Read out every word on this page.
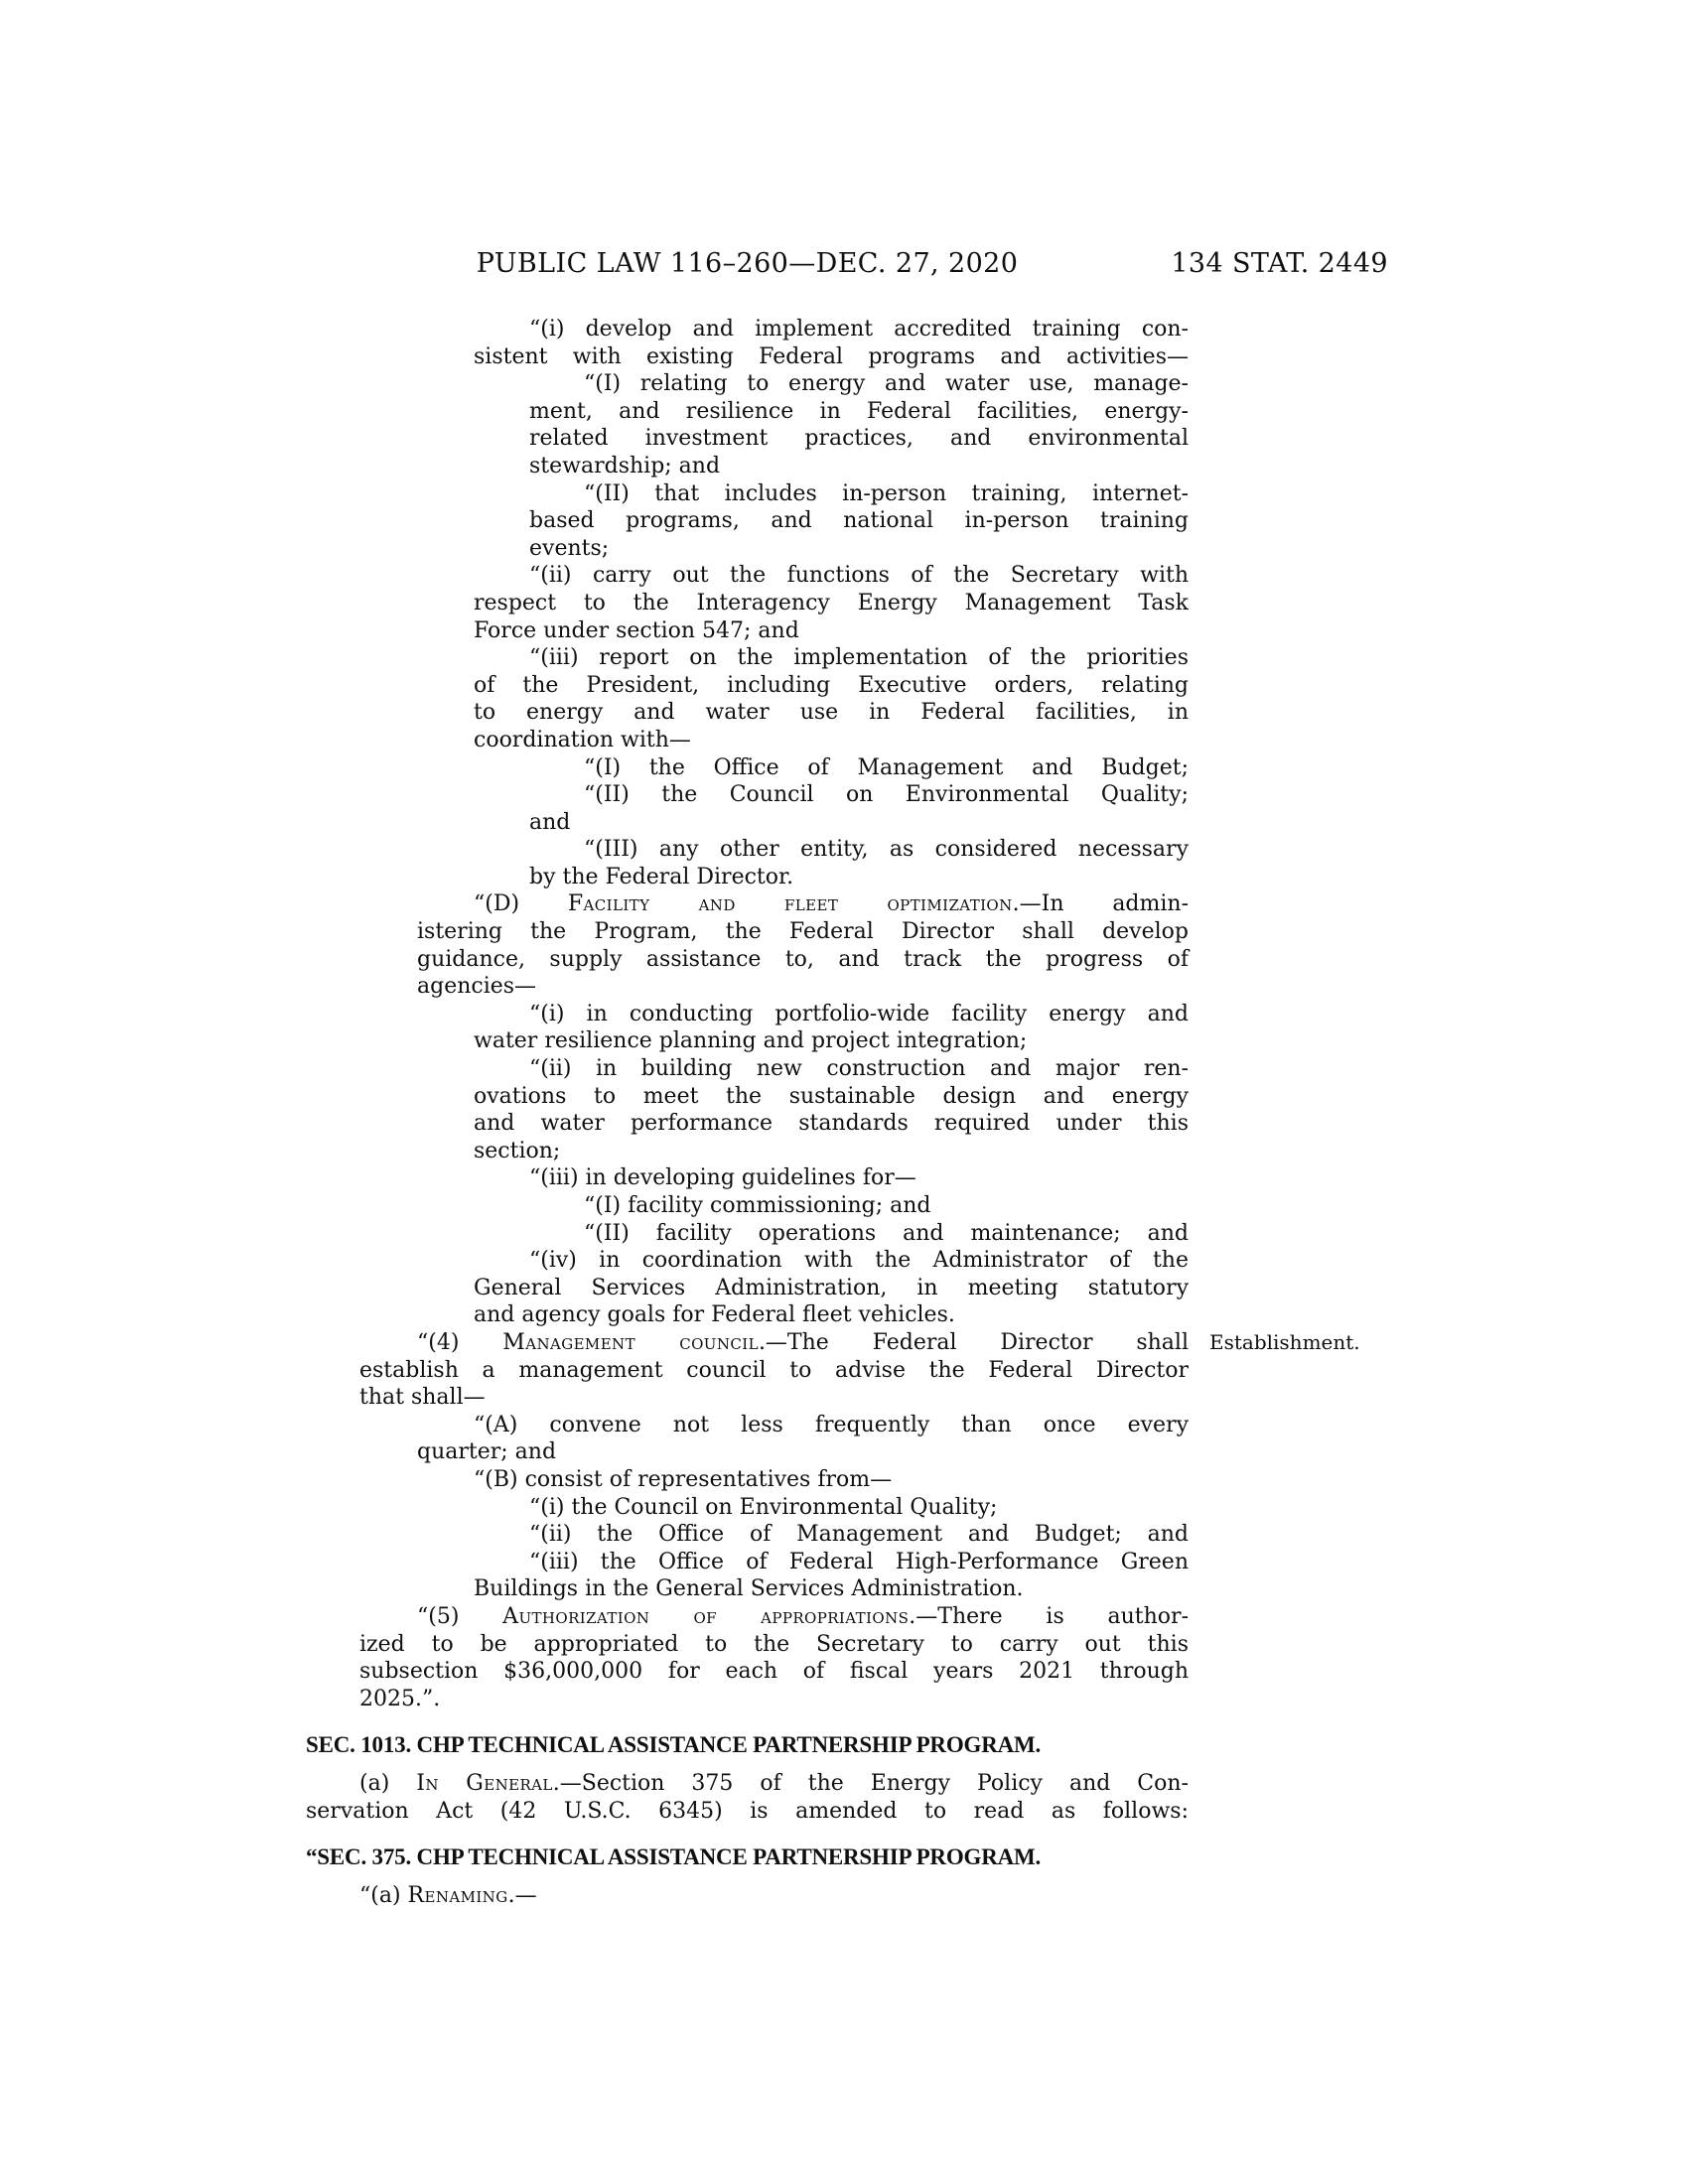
PUBLIC LAW 116–260—DEC. 27, 2020	134 STAT. 2449
“(i) develop and implement accredited training con-
sistent with existing Federal programs and activities—
“(I) relating to energy and water use, manage-
ment, and resilience in Federal facilities, energy-
related investment practices, and environmental
stewardship; and
“(II) that includes in-person training, internet-
based programs, and national in-person training
events;
“(ii) carry out the functions of the Secretary with
respect to the Interagency Energy Management Task
Force under section 547; and
“(iii) report on the implementation of the priorities
of the President, including Executive orders, relating
to energy and water use in Federal facilities, in
coordination with—
“(I) the Office of Management and Budget;
“(II) the Council on Environmental Quality;
and
“(III) any other entity, as considered necessary
by the Federal Director.
“(D) Facility and fleet optimization.—In admin-
istering the Program, the Federal Director shall develop
guidance, supply assistance to, and track the progress of
agencies—
“(i) in conducting portfolio-wide facility energy and
water resilience planning and project integration;
“(ii) in building new construction and major ren-
ovations to meet the sustainable design and energy
and water performance standards required under this
section;
“(iii) in developing guidelines for—
“(I) facility commissioning; and
“(II) facility operations and maintenance; and
“(iv) in coordination with the Administrator of the
General Services Administration, in meeting statutory
and agency goals for Federal fleet vehicles.
“(4) Management council.—The Federal Director shall
establish a management council to advise the Federal Director
that shall—
“(A) convene not less frequently than once every
quarter; and
“(B) consist of representatives from—
“(i) the Council on Environmental Quality;
“(ii) the Office of Management and Budget; and
“(iii) the Office of Federal High-Performance Green
Buildings in the General Services Administration.
“(5) Authorization of appropriations.—There is author-
ized to be appropriated to the Secretary to carry out this
subsection $36,000,000 for each of fiscal years 2021 through
2025.”.
SEC. 1013. CHP TECHNICAL ASSISTANCE PARTNERSHIP PROGRAM.
(a) In General.—Section 375 of the Energy Policy and Con-
servation Act (42 U.S.C. 6345) is amended to read as follows:
“SEC. 375. CHP TECHNICAL ASSISTANCE PARTNERSHIP PROGRAM.
“(a) Renaming.—
Establishment.
